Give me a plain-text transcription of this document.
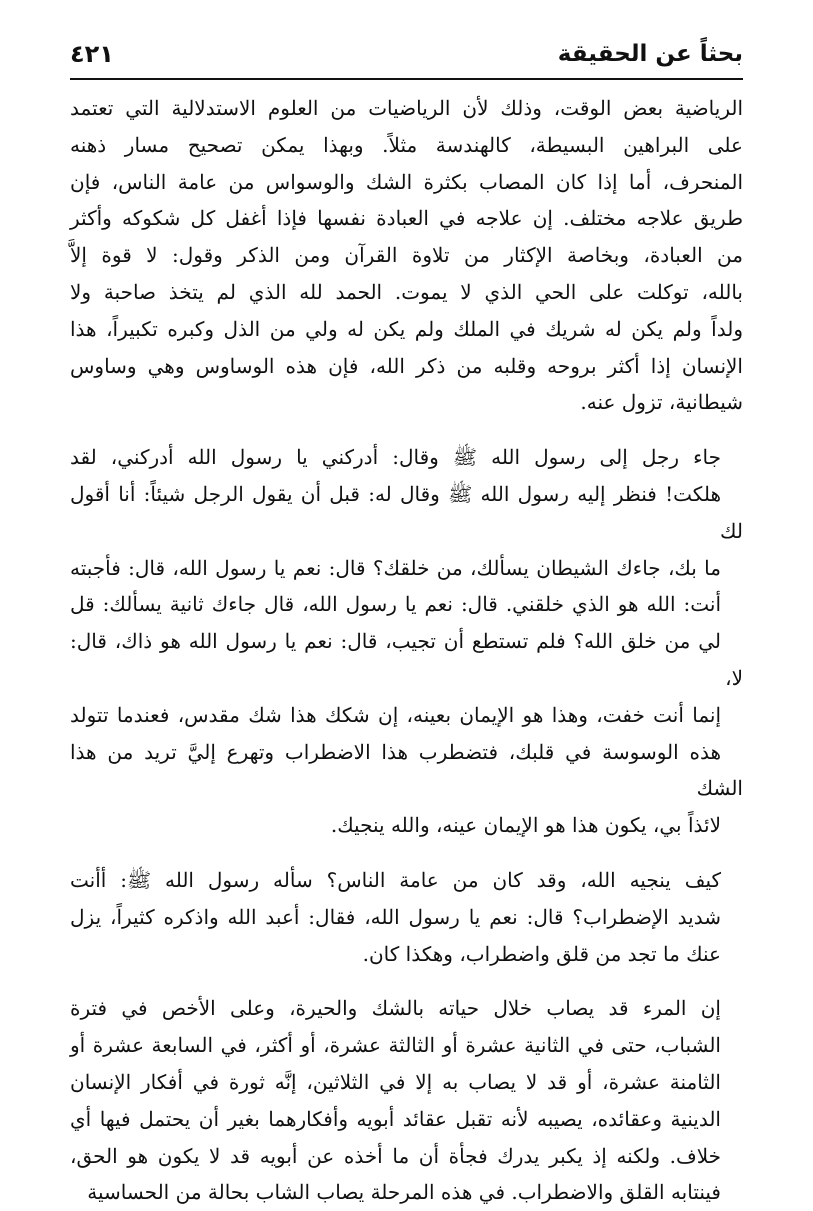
بحثاً عن الحقيقة
٤٢١

الرياضية بعض الوقت، وذلك لأن الرياضيات من العلوم الاستدلالية التي تعتمد
على البراهين البسيطة، كالهندسة مثلاً. وبهذا يمكن تصحيح مسار ذهنه
المنحرف، أما إذا كان المصاب بكثرة الشك والوسواس من عامة الناس، فإن
طريق علاجه مختلف. إن علاجه في العبادة نفسها فإذا أغفل كل شكوكه وأكثر
من العبادة، وبخاصة الإكثار من تلاوة القرآن ومن الذكر وقول: لا قوة إلاَّ
بالله، توكلت على الحي الذي لا يموت. الحمد لله الذي لم يتخذ صاحبة ولا
ولداً ولم يكن له شريك في الملك ولم يكن له ولي من الذل وكبره تكبيراً، هذا
الإنسان إذا أكثر بروحه وقلبه من ذكر الله، فإن هذه الوساوس وهي وساوس
شيطانية، تزول عنه.

جاء رجل إلى رسول الله ﷺ وقال: أدركني يا رسول الله أدركني، لقد
هلكت! فنظر إليه رسول الله ﷺ وقال له: قبل أن يقول الرجل شيئاً: أنا أقول لك
ما بك، جاءك الشيطان يسألك، من خلقك؟ قال: نعم يا رسول الله، قال: فأجبته
أنت: الله هو الذي خلقني. قال: نعم يا رسول الله، قال جاءك ثانية يسألك: قل
لي من خلق الله؟ فلم تستطع أن تجيب، قال: نعم يا رسول الله هو ذاك، قال: لا،
إنما أنت خفت، وهذا هو الإيمان بعينه، إن شكك هذا شك مقدس، فعندما تتولد
هذه الوسوسة في قلبك، فتضطرب هذا الاضطراب وتهرع إليَّ تريد من هذا الشك
لائذاً بي، يكون هذا هو الإيمان عينه، والله ينجيك.

كيف ينجيه الله، وقد كان من عامة الناس؟ سأله رسول الله ﷺ: أأنت
شديد الإضطراب؟ قال: نعم يا رسول الله، فقال: أعبد الله واذكره كثيراً، يزل
عنك ما تجد من قلق واضطراب، وهكذا كان.

إن المرء قد يصاب خلال حياته بالشك والحيرة، وعلى الأخص في فترة
الشباب، حتى في الثانية عشرة أو الثالثة عشرة، أو أكثر، في السابعة عشرة أو
الثامنة عشرة، أو قد لا يصاب به إلا في الثلاثين، إنَّه ثورة في أفكار الإنسان
الدينية وعقائده، يصيبه لأنه تقبل عقائد أبويه وأفكارهما بغير أن يحتمل فيها أي
خلاف. ولكنه إذ يكبر يدرك فجأة أن ما أخذه عن أبويه قد لا يكون هو الحق،
فينتابه القلق والاضطراب. في هذه المرحلة يصاب الشاب بحالة من الحساسية
